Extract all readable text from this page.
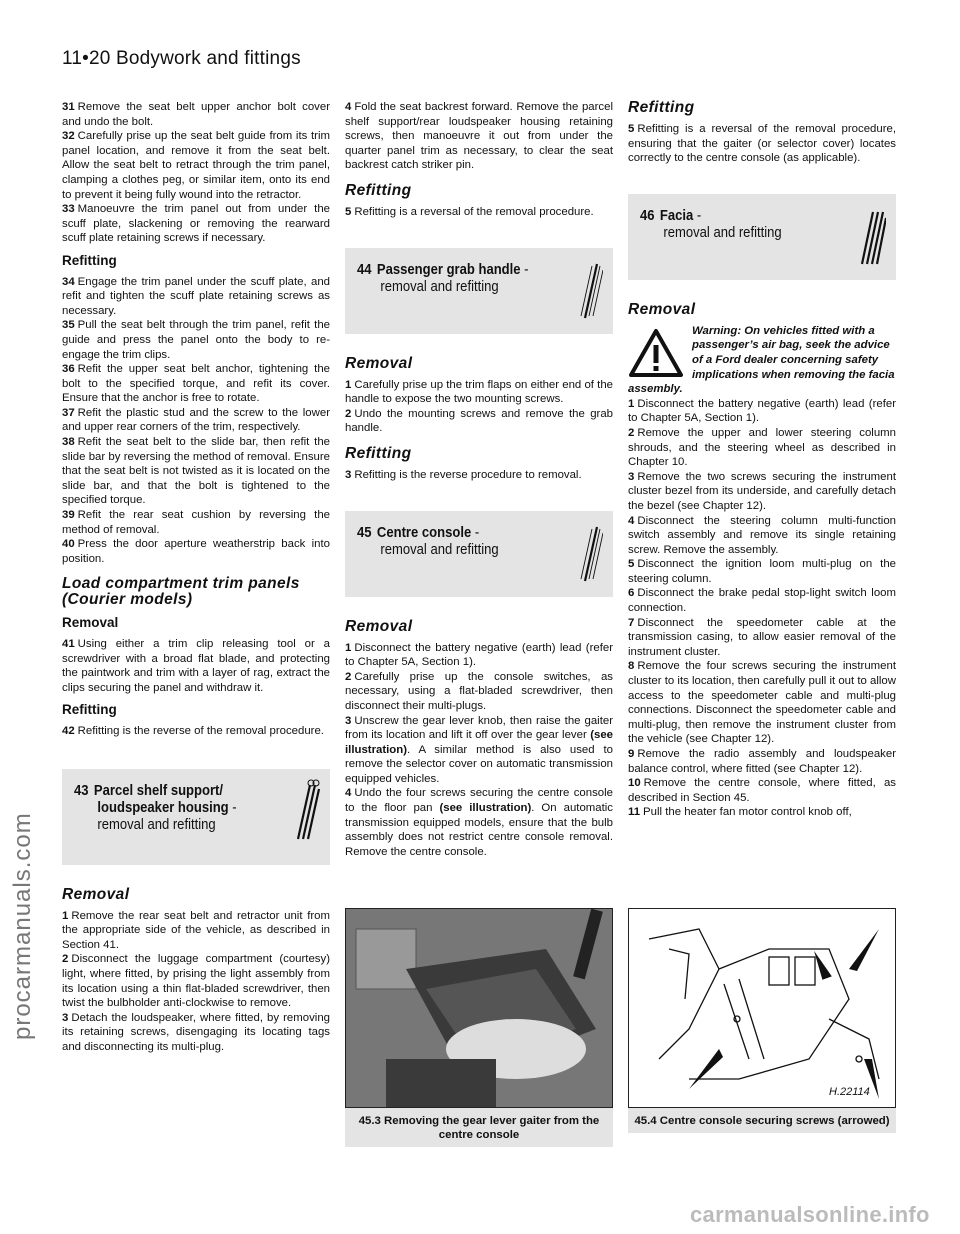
11•20 Bodywork and fittings
procarmanuals.com

31 Remove the seat belt upper anchor bolt cover and undo the bolt.

32 Carefully prise up the seat belt guide from its trim panel location, and remove it from the seat belt. Allow the seat belt to retract through the trim panel, clamping a clothes peg, or similar item, onto its end to prevent it being fully wound into the retractor.

33 Manoeuvre the trim panel out from under the scuff plate, slackening or removing the rearward scuff plate retaining screws if necessary.

Refitting

34 Engage the trim panel under the scuff plate, and refit and tighten the scuff plate retaining screws as necessary.

35 Pull the seat belt through the trim panel, refit the guide and press the panel onto the body to re-engage the trim clips.

36 Refit the upper seat belt anchor, tightening the bolt to the specified torque, and refit its cover. Ensure that the anchor is free to rotate.

37 Refit the plastic stud and the screw to the lower and upper rear corners of the trim, respectively.

38 Refit the seat belt to the slide bar, then refit the slide bar by reversing the method of removal. Ensure that the seat belt is not twisted as it is located on the slide bar, and that the bolt is tightened to the specified torque.

39 Refit the rear seat cushion by reversing the method of removal.

40 Press the door aperture weatherstrip back into position.

Load compartment trim panels (Courier models)
Removal

41 Using either a trim clip releasing tool or a screwdriver with a broad flat blade, and protecting the paintwork and trim with a layer of rag, extract the clips securing the panel and withdraw it.

Refitting

42 Refitting is the reverse of the removal procedure.

43 Parcel shelf support/

loudspeaker housing -
removal and refitting
Removal

1 Remove the rear seat belt and retractor unit from the appropriate side of the vehicle, as described in Section 41.

2 Disconnect the luggage compartment (courtesy) light, where fitted, by prising the light assembly from its location using a thin flat-bladed screwdriver, then twist the bulbholder anti-clockwise to remove.

3 Detach the loudspeaker, where fitted, by removing its retaining screws, disengaging its locating tags and disconnecting its multi-plug.

4 Fold the seat backrest forward. Remove the parcel shelf support/rear loudspeaker housing retaining screws, then manoeuvre it out from under the quarter panel trim as necessary, to clear the seat backrest catch striker pin.

Refitting

5 Refitting is a reversal of the removal procedure.

44 Passenger grab handle -
removal and refitting
Removal

1 Carefully prise up the trim flaps on either end of the handle to expose the two mounting screws.

2 Undo the mounting screws and remove the grab handle.

Refitting

3 Refitting is the reverse procedure to removal.

45 Centre console -
removal and refitting
Removal

1 Disconnect the battery negative (earth) lead (refer to Chapter 5A, Section 1).

2 Carefully prise up the console switches, as necessary, using a flat-bladed screwdriver, then disconnect their multi-plugs.

3 Unscrew the gear lever knob, then raise the gaiter from its location and lift it off over the gear lever (see illustration). A similar method is also used to remove the selector cover on automatic transmission equipped vehicles.

4 Undo the four screws securing the centre console to the floor pan (see illustration). On automatic transmission equipped models, ensure that the bulb assembly does not restrict centre console removal. Remove the centre console.

Refitting

5 Refitting is a reversal of the removal procedure, ensuring that the gaiter (or selector cover) locates correctly to the centre console (as applicable).

46 Facia -
removal and refitting
Removal
Warning: On vehicles fitted with a passenger’s air bag, seek the advice of a Ford dealer concerning safety implications when removing the facia assembly.

1 Disconnect the battery negative (earth) lead (refer to Chapter 5A, Section 1).

2 Remove the upper and lower steering column shrouds, and the steering wheel as described in Chapter 10.

3 Remove the two screws securing the instrument cluster bezel from its underside, and carefully detach the bezel (see Chapter 12).

4 Disconnect the steering column multi-function switch assembly and remove its single retaining screw. Remove the assembly.

5 Disconnect the ignition loom multi-plug on the steering column.

6 Disconnect the brake pedal stop-light switch loom connection.

7 Disconnect the speedometer cable at the transmission casing, to allow easier removal of the instrument cluster.

8 Remove the four screws securing the instrument cluster to its location, then carefully pull it out to allow access to the speedometer cable and multi-plug connections. Disconnect the speedometer cable and multi-plug, then remove the instrument cluster from the vehicle (see Chapter 12).

9 Remove the radio assembly and loudspeaker balance control, where fitted (see Chapter 12).

10 Remove the centre console, where fitted, as described in Section 45.

11 Pull the heater fan motor control knob off,

45.3 Removing the gear lever gaiter from the centre console
H.22114
45.4 Centre console securing screws (arrowed)
carmanualsonline.info
